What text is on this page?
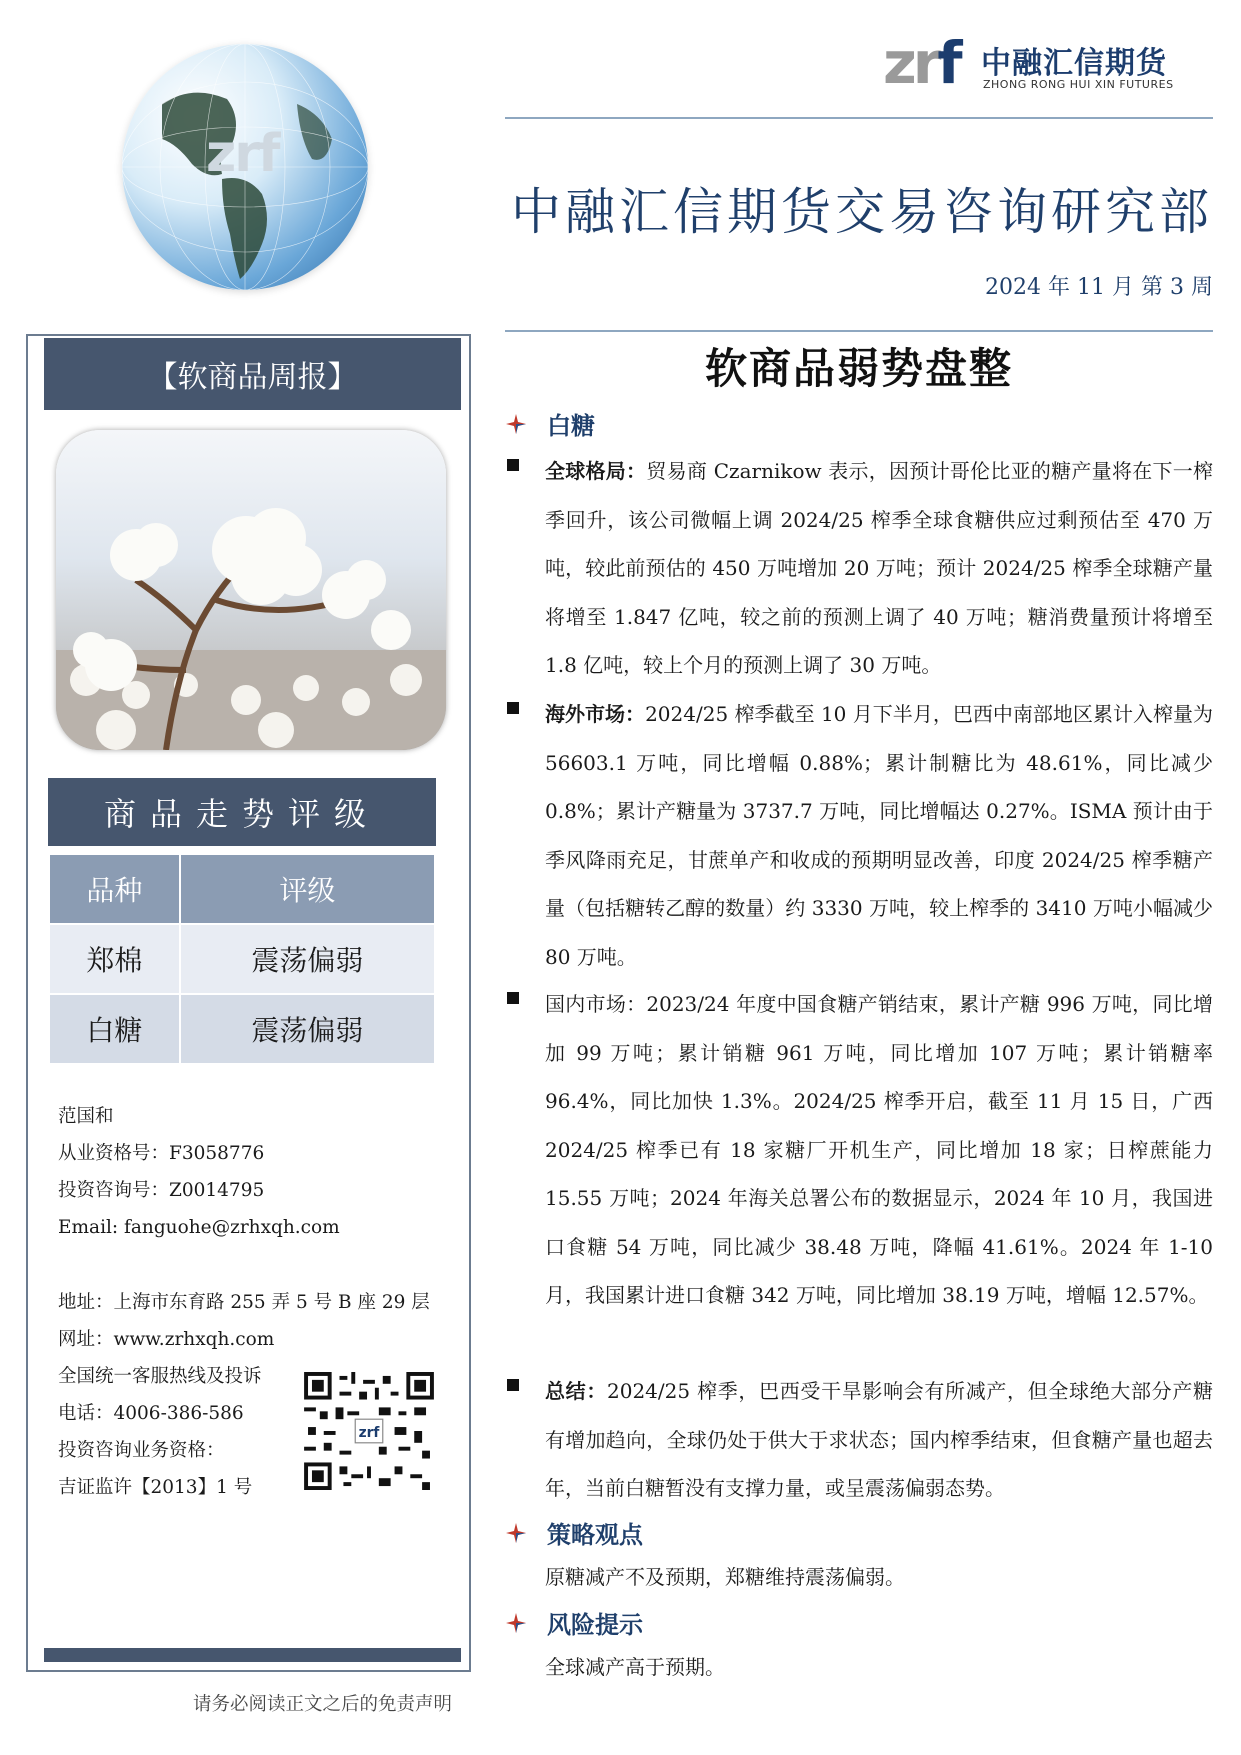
zrf
zrf 中融汇信期货
ZHONG RONG HUI XIN FUTURES
中融汇信期货交易咨询研究部
2024 年 11 月 第 3 周
【软商品周报】
商品走势评级
品种	评级
郑棉	震荡偏弱
白糖	震荡偏弱
范国和
从业资格号：F3058776
投资咨询号：Z0014795
Email: fanguohe@zrhxqh.com
地址：上海市东育路 255 弄 5 号 B 座 29 层
网址：www.zrhxqh.com
全国统一客服热线及投诉
电话：4006-386-586
投资咨询业务资格：
吉证监许【2013】1 号
zrf
请务必阅读正文之后的免责声明
软商品弱势盘整
白糖
全球格局：贸易商 Czarnikow 表示，因预计哥伦比亚的糖产量将在下一榨季回升，该公司微幅上调 2024/25 榨季全球食糖供应过剩预估至 470 万吨，较此前预估的 450 万吨增加 20 万吨；预计 2024/25 榨季全球糖产量将增至 1.847 亿吨，较之前的预测上调了 40 万吨；糖消费量预计将增至 1.8 亿吨，较上个月的预测上调了 30 万吨。
海外市场：2024/25 榨季截至 10 月下半月，巴西中南部地区累计入榨量为 56603.1 万吨，同比增幅 0.88%；累计制糖比为 48.61%，同比减少 0.8%；累计产糖量为 3737.7 万吨，同比增幅达 0.27%。ISMA 预计由于季风降雨充足，甘蔗单产和收成的预期明显改善，印度 2024/25 榨季糖产量（包括糖转乙醇的数量）约 3330 万吨，较上榨季的 3410 万吨小幅减少 80 万吨。
国内市场：2023/24 年度中国食糖产销结束，累计产糖 996 万吨，同比增加 99 万吨；累计销糖 961 万吨，同比增加 107 万吨；累计销糖率 96.4%，同比加快 1.3%。2024/25 榨季开启，截至 11 月 15 日，广西 2024/25 榨季已有 18 家糖厂开机生产，同比增加 18 家；日榨蔗能力 15.55 万吨；2024 年海关总署公布的数据显示，2024 年 10 月，我国进口食糖 54 万吨，同比减少 38.48 万吨，降幅 41.61%。2024 年 1-10 月，我国累计进口食糖 342 万吨，同比增加 38.19 万吨，增幅 12.57%。
总结：2024/25 榨季，巴西受干旱影响会有所减产，但全球绝大部分产糖有增加趋向，全球仍处于供大于求状态；国内榨季结束，但食糖产量也超去年，当前白糖暂没有支撑力量，或呈震荡偏弱态势。
策略观点
原糖减产不及预期，郑糖维持震荡偏弱。
风险提示
全球减产高于预期。
